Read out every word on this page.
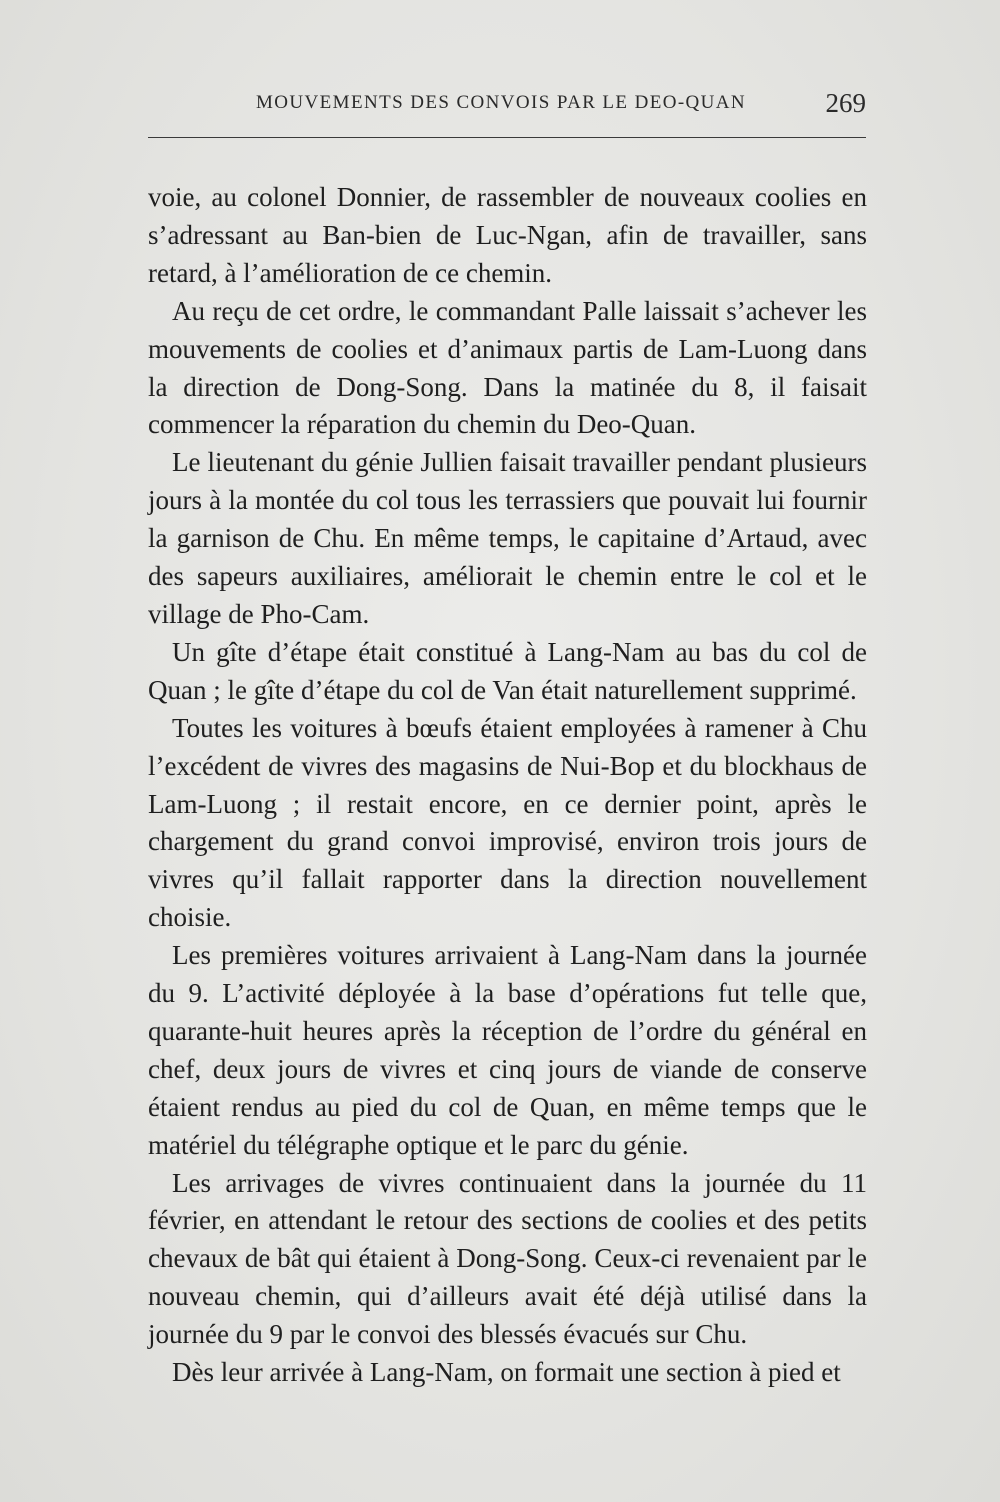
MOUVEMENTS DES CONVOIS PAR LE DEO-QUAN	269

voie, au colonel Donnier, de rassembler de nouveaux coolies en s’adressant au Ban-bien de Luc-Ngan, afin de travailler, sans retard, à l’amélioration de ce chemin.

Au reçu de cet ordre, le commandant Palle laissait s’achever les mouvements de coolies et d’animaux partis de Lam-Luong dans la direction de Dong-Song. Dans la matinée du 8, il faisait commencer la réparation du chemin du Deo-Quan.

Le lieutenant du génie Jullien faisait travailler pendant plusieurs jours à la montée du col tous les terrassiers que pouvait lui fournir la garnison de Chu. En même temps, le capitaine d’Artaud, avec des sapeurs auxiliaires, améliorait le chemin entre le col et le village de Pho-Cam.

Un gîte d’étape était constitué à Lang-Nam au bas du col de Quan ; le gîte d’étape du col de Van était naturellement supprimé.

Toutes les voitures à bœufs étaient employées à ramener à Chu l’excédent de vivres des magasins de Nui-Bop et du blockhaus de Lam-Luong ; il restait encore, en ce dernier point, après le chargement du grand convoi improvisé, environ trois jours de vivres qu’il fallait rapporter dans la direction nouvellement choisie.

Les premières voitures arrivaient à Lang-Nam dans la journée du 9. L’activité déployée à la base d’opérations fut telle que, quarante-huit heures après la réception de l’ordre du général en chef, deux jours de vivres et cinq jours de viande de conserve étaient rendus au pied du col de Quan, en même temps que le matériel du télégraphe optique et le parc du génie.

Les arrivages de vivres continuaient dans la journée du 11 février, en attendant le retour des sections de coolies et des petits chevaux de bât qui étaient à Dong-Song. Ceux-ci revenaient par le nouveau chemin, qui d’ailleurs avait été déjà utilisé dans la journée du 9 par le convoi des blessés évacués sur Chu.

Dès leur arrivée à Lang-Nam, on formait une section à pied et
